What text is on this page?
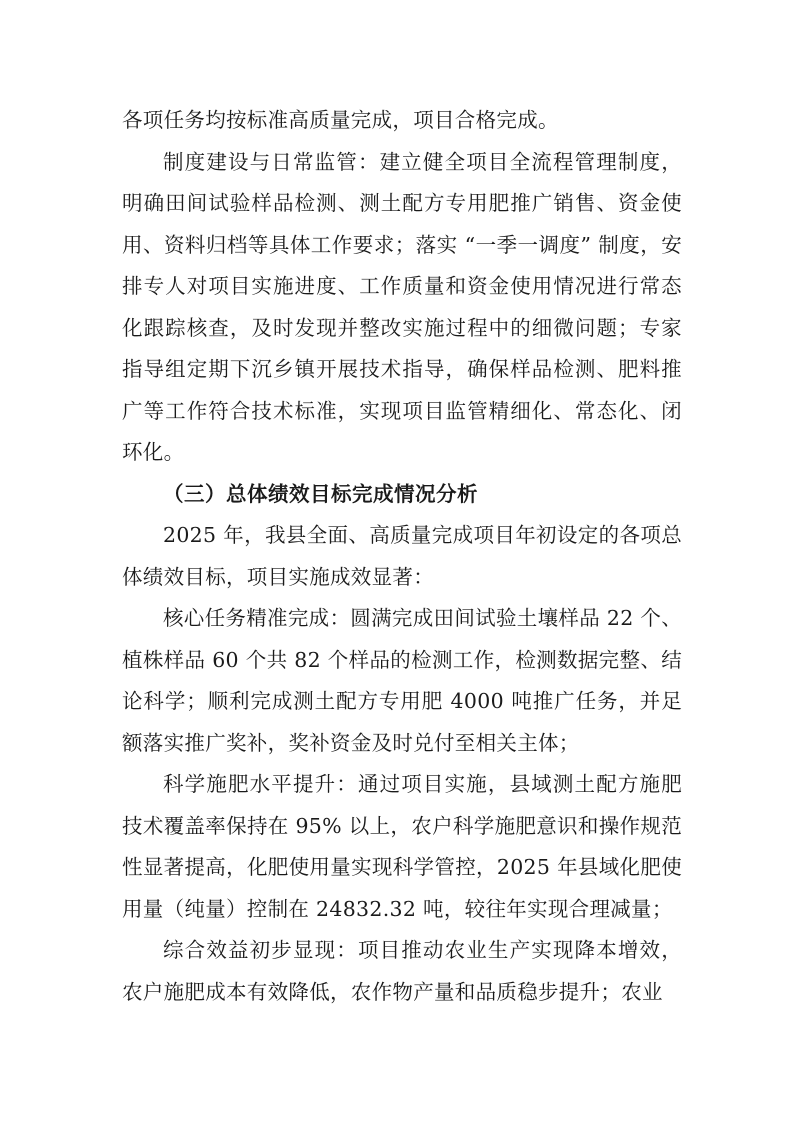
各项任务均按标准高质量完成，项目合格完成。

制度建设与日常监管：建立健全项目全流程管理制度，明确田间试验样品检测、测土配方专用肥推广销售、资金使用、资料归档等具体工作要求；落实 “一季一调度” 制度，安排专人对项目实施进度、工作质量和资金使用情况进行常态化跟踪核查，及时发现并整改实施过程中的细微问题；专家指导组定期下沉乡镇开展技术指导，确保样品检测、肥料推广等工作符合技术标准，实现项目监管精细化、常态化、闭环化。

（三）总体绩效目标完成情况分析

2025 年，我县全面、高质量完成项目年初设定的各项总体绩效目标，项目实施成效显著：

核心任务精准完成：圆满完成田间试验土壤样品 22 个、植株样品 60 个共 82 个样品的检测工作，检测数据完整、结论科学；顺利完成测土配方专用肥 4000 吨推广任务，并足额落实推广奖补，奖补资金及时兑付至相关主体；

科学施肥水平提升：通过项目实施，县域测土配方施肥技术覆盖率保持在 95% 以上，农户科学施肥意识和操作规范性显著提高，化肥使用量实现科学管控，2025 年县域化肥使用量（纯量）控制在 24832.32 吨，较往年实现合理减量；

综合效益初步显现：项目推动农业生产实现降本增效，农户施肥成本有效降低，农作物产量和品质稳步提升；农业
